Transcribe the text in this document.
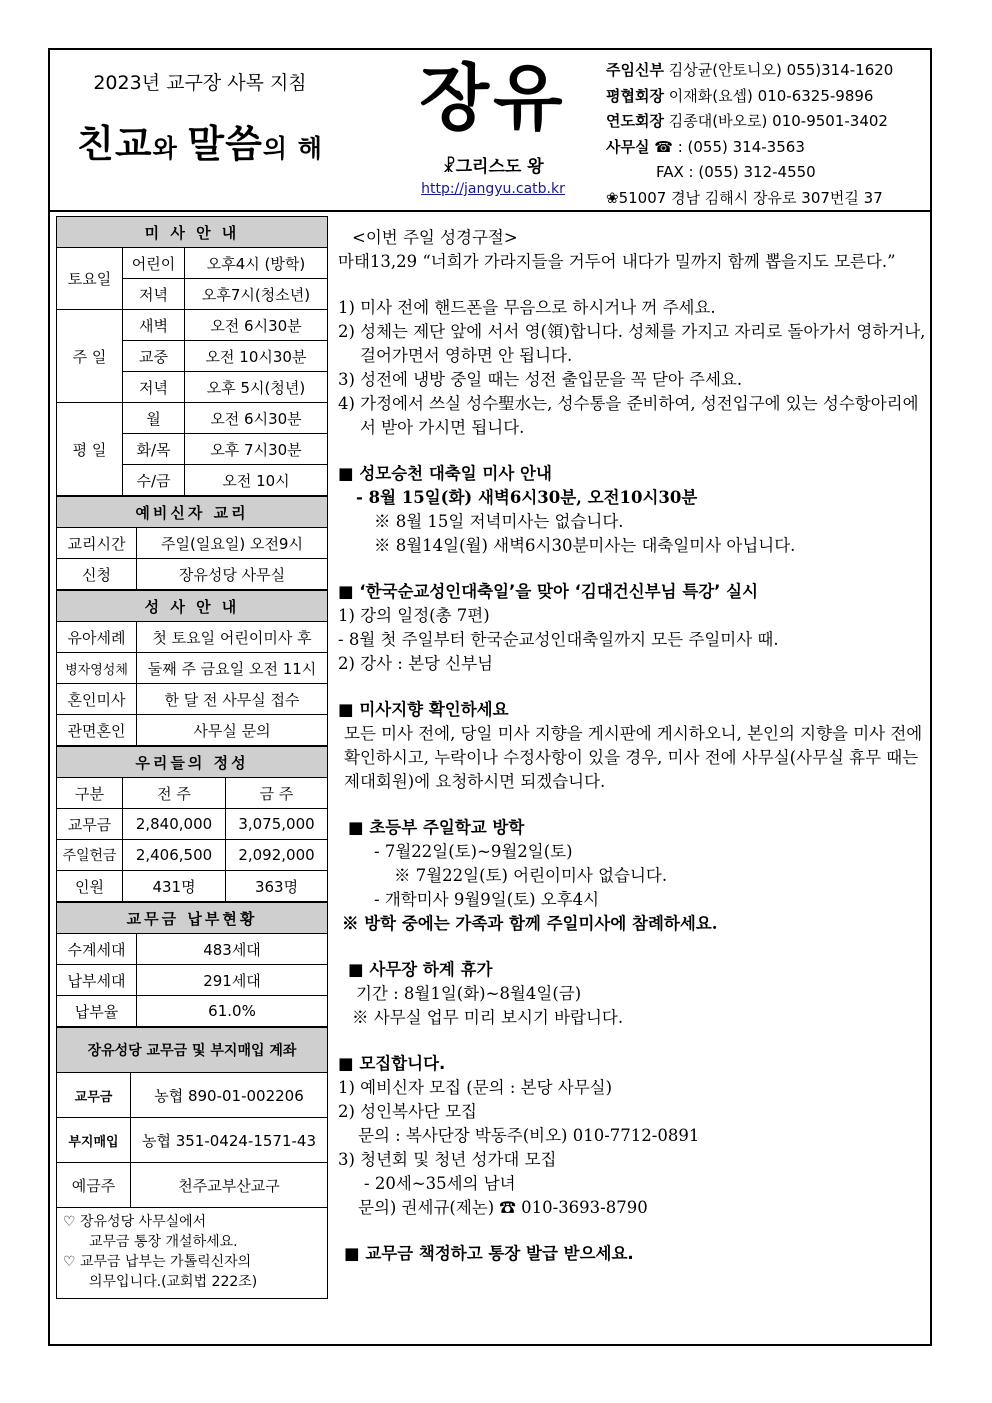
2023년 교구장 사목 지침
친교와 말씀의 해
장유
☧그리스도 왕
http://jangyu.catb.kr
주임신부 김상균(안토니오) 055)314-1620
평협회장 이재화(요셉) 010-6325-9896
연도회장 김종대(바오로) 010-9501-3402
사무실 ☎ : (055) 314-3563
FAX : (055) 312-4550
❀51007 경남 김해시 장유로 307번길 37
미 사 안 내		
토요일	어린이	오후4시 (방학)
	저녁	오후7시(청소년)
주 일	새벽	오전 6시30분
	교중	오전 10시30분
	저녁	오후 5시(청년)
평 일	월	오전 6시30분
	화/목	오후 7시30분
	수/금	오전 10시
예비신자 교리	
교리시간	주일(일요일) 오전9시
신청	장유성당 사무실
성 사 안 내	
유아세례	첫 토요일 어린이미사 후
병자영성체	둘째 주 금요일 오전 11시
혼인미사	한 달 전 사무실 접수
관면혼인	사무실 문의
우리들의 정성		
구분	전 주	금 주
교무금	2,840,000	3,075,000
주일헌금	2,406,500	2,092,000
인원	431명	363명
교무금 납부현황	
수계세대	483세대
납부세대	291세대
납부율	61.0%
장유성당 교무금 및 부지매입 계좌	
교무금	농협 890-01-002206
부지매입	농협 351-0424-1571-43
예금주	천주교부산교구
♡ 장유성당 사무실에서
교무금 통장 개설하세요.
♡ 교무금 납부는 가톨릭신자의
의무입니다.(교회법 222조)

<이번 주일 성경구절>

마태13,29 “너희가 가라지들을 거두어 내다가 밀까지 함께 뽑을지도 모른다.”

1) 미사 전에 핸드폰을 무음으로 하시거나 꺼 주세요.

2) 성체는 제단 앞에 서서 영(領)합니다. 성체를 가지고 자리로 돌아가서 영하거나, 걸어가면서 영하면 안 됩니다.

3) 성전에 냉방 중일 때는 성전 출입문을 꼭 닫아 주세요.

4) 가정에서 쓰실 성수聖水는, 성수통을 준비하여, 성전입구에 있는 성수항아리에서 받아 가시면 됩니다.

■ 성모승천 대축일 미사 안내

- 8월 15일(화) 새벽6시30분, 오전10시30분

※ 8월 15일 저녁미사는 없습니다.

※ 8월14일(월) 새벽6시30분미사는 대축일미사 아닙니다.

■ ‘한국순교성인대축일’을 맞아 ‘김대건신부님 특강’ 실시

1) 강의 일정(총 7편)

- 8월 첫 주일부터 한국순교성인대축일까지 모든 주일미사 때.

2) 강사 : 본당 신부님

■ 미사지향 확인하세요

모든 미사 전에, 당일 미사 지향을 게시판에 게시하오니, 본인의 지향을 미사 전에 확인하시고, 누락이나 수정사항이 있을 경우, 미사 전에 사무실(사무실 휴무 때는 제대회원)에 요청하시면 되겠습니다.

■ 초등부 주일학교 방학

- 7월22일(토)~9월2일(토)

※ 7월22일(토) 어린이미사 없습니다.

- 개학미사 9월9일(토) 오후4시

※ 방학 중에는 가족과 함께 주일미사에 참례하세요.

■ 사무장 하계 휴가

기간 : 8월1일(화)~8월4일(금)

※ 사무실 업무 미리 보시기 바랍니다.

■ 모집합니다.

1) 예비신자 모집 (문의 : 본당 사무실)

2) 성인복사단 모집

문의 : 복사단장 박동주(비오) 010-7712-0891

3) 청년회 및 청년 성가대 모집

- 20세~35세의 남녀

문의) 권세규(제논) ☎ 010-3693-8790

■ 교무금 책정하고 통장 발급 받으세요.
